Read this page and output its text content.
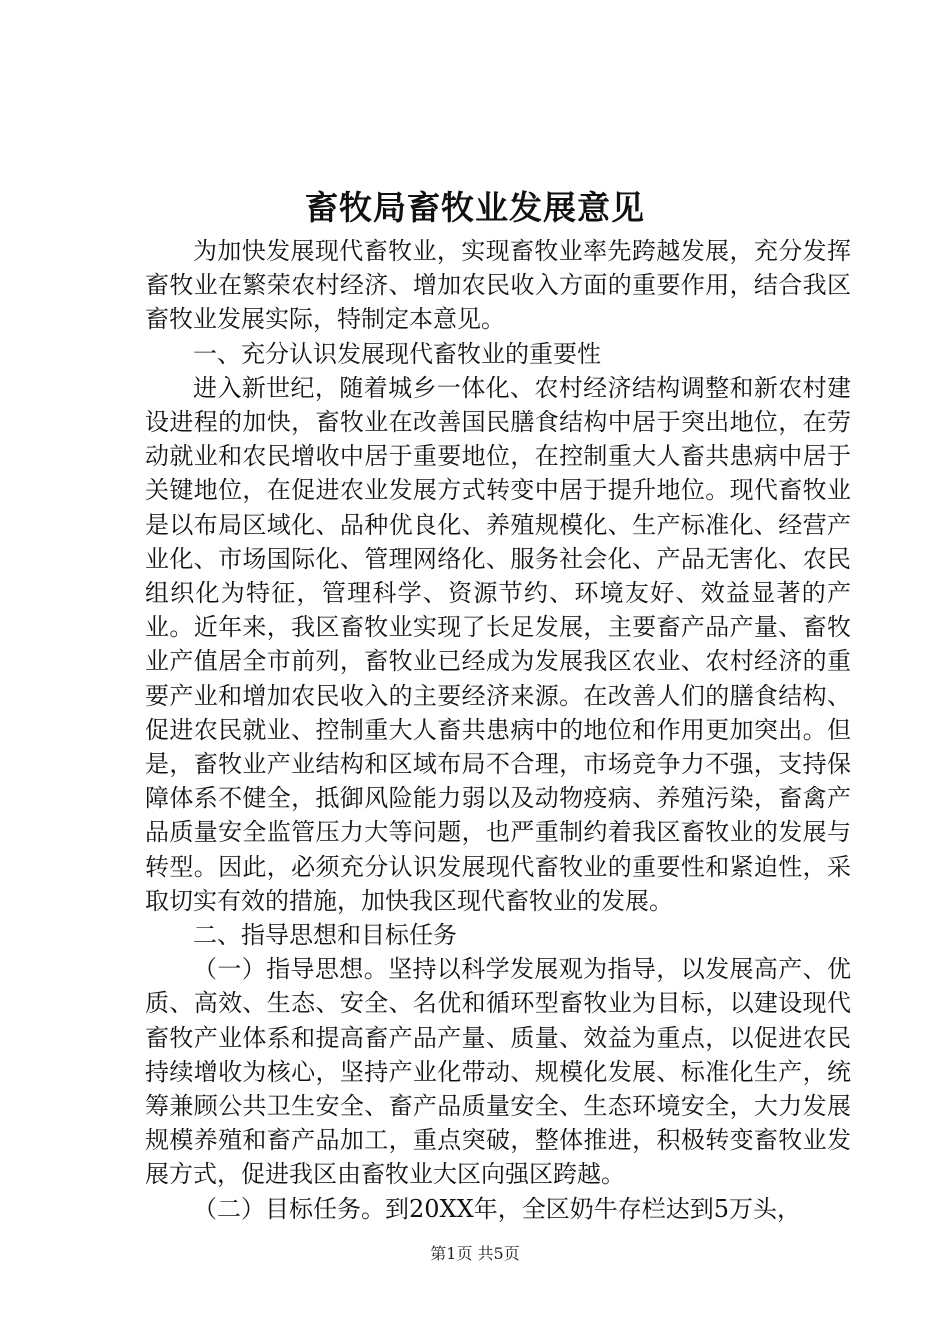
畜牧局畜牧业发展意见

为加快发展现代畜牧业，实现畜牧业率先跨越发展，充分发挥畜牧业在繁荣农村经济、增加农民收入方面的重要作用，结合我区畜牧业发展实际，特制定本意见。

一、充分认识发展现代畜牧业的重要性

进入新世纪，随着城乡一体化、农村经济结构调整和新农村建设进程的加快，畜牧业在改善国民膳食结构中居于突出地位，在劳动就业和农民增收中居于重要地位，在控制重大人畜共患病中居于关键地位，在促进农业发展方式转变中居于提升地位。现代畜牧业是以布局区域化、品种优良化、养殖规模化、生产标准化、经营产业化、市场国际化、管理网络化、服务社会化、产品无害化、农民组织化为特征，管理科学、资源节约、环境友好、效益显著的产业。近年来，我区畜牧业实现了长足发展，主要畜产品产量、畜牧业产值居全市前列，畜牧业已经成为发展我区农业、农村经济的重要产业和增加农民收入的主要经济来源。在改善人们的膳食结构、促进农民就业、控制重大人畜共患病中的地位和作用更加突出。但是，畜牧业产业结构和区域布局不合理，市场竞争力不强，支持保障体系不健全，抵御风险能力弱以及动物疫病、养殖污染，畜禽产品质量安全监管压力大等问题，也严重制约着我区畜牧业的发展与转型。因此，必须充分认识发展现代畜牧业的重要性和紧迫性，采取切实有效的措施，加快我区现代畜牧业的发展。

二、指导思想和目标任务

（一）指导思想。坚持以科学发展观为指导，以发展高产、优质、高效、生态、安全、名优和循环型畜牧业为目标，以建设现代畜牧产业体系和提高畜产品产量、质量、效益为重点，以促进农民持续增收为核心，坚持产业化带动、规模化发展、标准化生产，统筹兼顾公共卫生安全、畜产品质量安全、生态环境安全，大力发展规模养殖和畜产品加工，重点突破，整体推进，积极转变畜牧业发展方式，促进我区由畜牧业大区向强区跨越。

（二）目标任务。到20XX年，全区奶牛存栏达到5万头，

第1页 共5页
